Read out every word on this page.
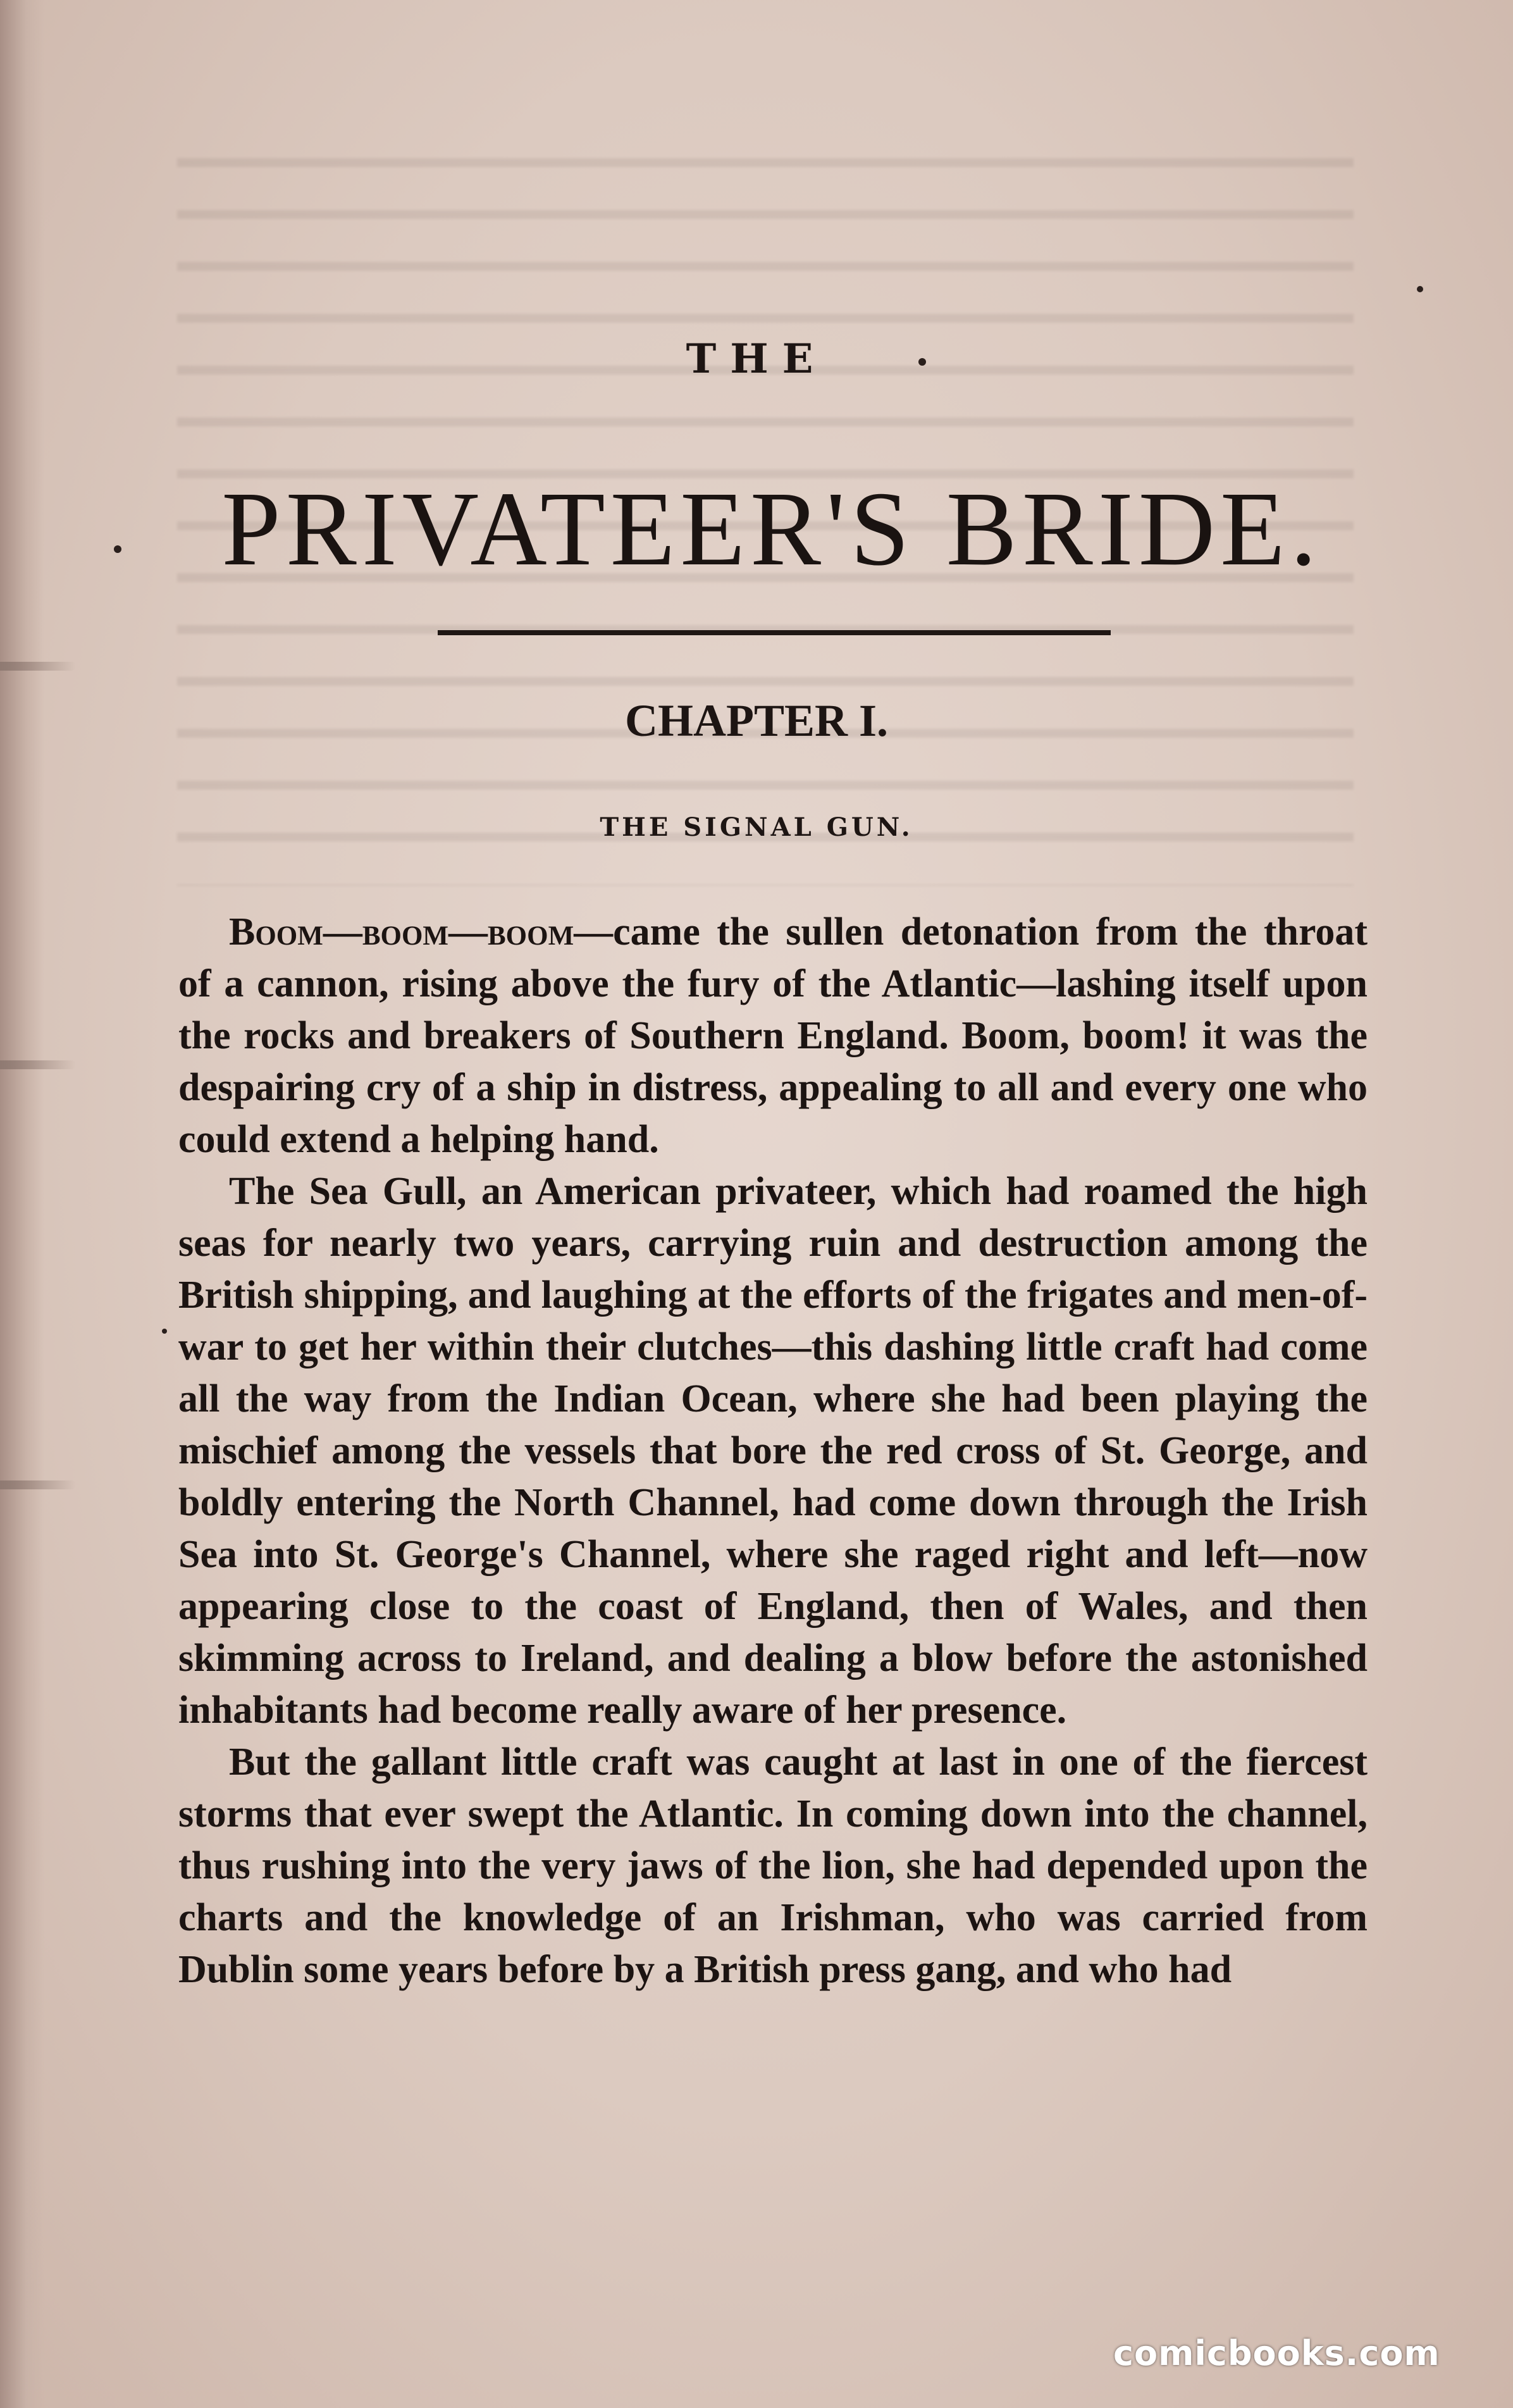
THE
PRIVATEER'S BRIDE.
CHAPTER I.
THE SIGNAL GUN.

Boom—boom—boom—came the sullen detonation from the throat of a cannon, rising above the fury of the Atlantic—lashing itself upon the rocks and breakers of Southern England. Boom, boom! it was the despairing cry of a ship in distress, appealing to all and every one who could extend a helping hand.

The Sea Gull, an American privateer, which had roamed the high seas for nearly two years, carrying ruin and destruction among the British shipping, and laughing at the efforts of the frigates and men-of-war to get her within their clutches—this dashing little craft had come all the way from the Indian Ocean, where she had been playing the mischief among the vessels that bore the red cross of St. George, and boldly entering the North Channel, had come down through the Irish Sea into St. George's Channel, where she raged right and left—now appearing close to the coast of England, then of Wales, and then skimming across to Ireland, and dealing a blow before the astonished inhabitants had become really aware of her presence.

But the gallant little craft was caught at last in one of the fiercest storms that ever swept the Atlantic. In coming down into the channel, thus rushing into the very jaws of the lion, she had depended upon the charts and the knowledge of an Irishman, who was carried from Dublin some years before by a British press gang, and who had

comicbooks.com
